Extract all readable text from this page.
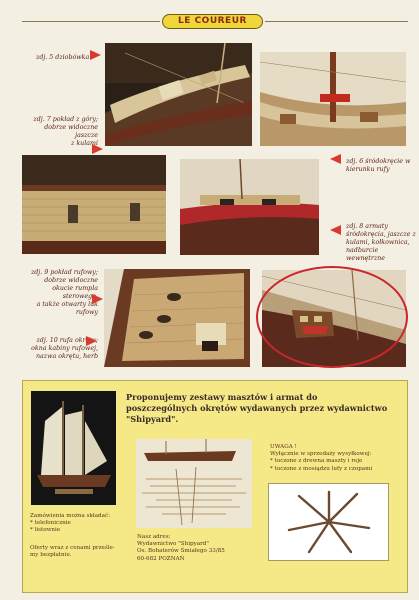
LE COUREUR
zdj. 5 dziobówka
zdj. 7 pokład z góry;
dobrze widoczne jaszcze
z kulami
zdj. 6 śródokręcie w
kierunku rufy
zdj. 8 armaty
śródokręcia, jaszcze z
kulami, kołkownica,
nadburcie wewnętrzne
zdj. 9 pokład rufowy;
dobrze widoczne
okucie rumpla
sterowego,
a także otwarty luk
rufowy
zdj. 10 rufa okrętu;
okna kabiny rufowej,
nazwa okrętu, herb
Proponujemy zestawy masztów i armat do poszczególnych okrętów wydawanych przez wydawnictwo "Shipyard".
Zamówienia można składać:
* telefonicznie
* listownie
Oferty wraz z cenami prześle-
my bezpłatnie.
Nasz adres:
Wydawnictwo "Shipyard"
Os. Bohaterów Śmiałego 33/85
60-682 POZNAŃ
UWAGA !
Wyłącznie w sprzedaży wysyłkowej:
* toczone z drewna maszty i reje
* toczone z mosiądzu lufy z czopami
